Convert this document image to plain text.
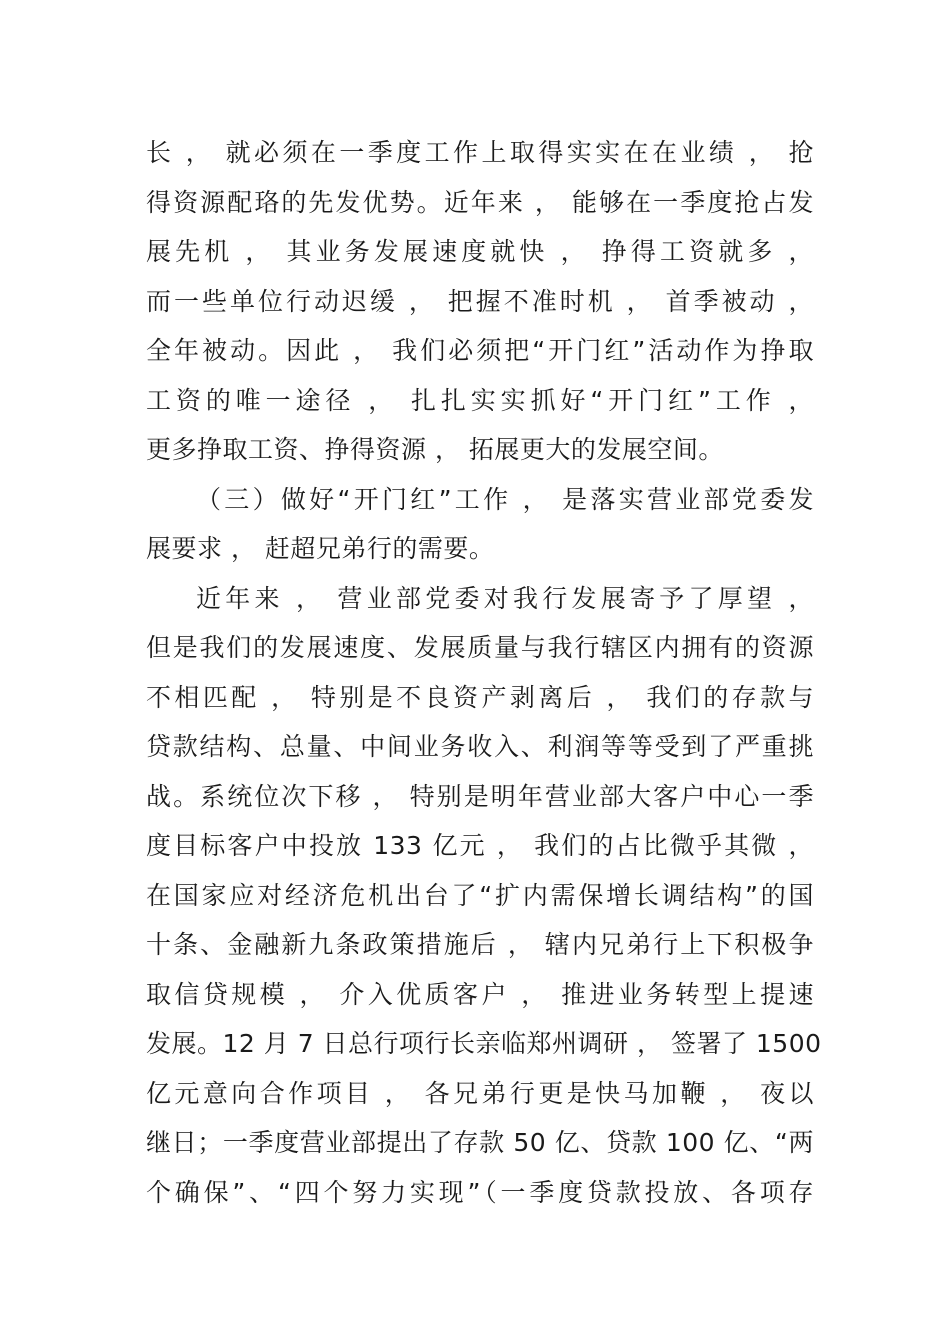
长 ， 就必须在一季度工作上取得实实在在业绩 ， 抢
得资源配珞的先发优势。近年来 ， 能够在一季度抢占发
展先机 ， 其业务发展速度就快 ， 挣得工资就多 ，
而一些单位行动迟缓 ， 把握不准时机 ， 首季被动 ，
全年被动。因此 ， 我们必须把“开门红”活动作为挣取
工资的唯一途径 ， 扎扎实实抓好“开门红”工作 ，
更多挣取工资、挣得资源 ， 拓展更大的发展空间。
（三）做好“开门红”工作 ， 是落实营业部党委发
展要求 ， 赶超兄弟行的需要。
近年来 ， 营业部党委对我行发展寄予了厚望 ，
但是我们的发展速度、发展质量与我行辖区内拥有的资源
不相匹配 ， 特别是不良资产剥离后 ， 我们的存款与
贷款结构、总量、中间业务收入、利润等等受到了严重挑
战。系统位次下移 ， 特别是明年营业部大客户中心一季
度目标客户中投放 133 亿元 ， 我们的占比微乎其微 ，
在国家应对经济危机出台了“扩内需保增长调结构”的国
十条、金融新九条政策措施后 ， 辖内兄弟行上下积极争
取信贷规模 ， 介入优质客户 ， 推进业务转型上提速
发展。12 月 7 日总行项行长亲临郑州调研 ， 签署了 1500
亿元意向合作项目 ， 各兄弟行更是快马加鞭 ， 夜以
继日；一季度营业部提出了存款 50 亿、贷款 100 亿、“两
个确保”、“四个努力实现”（一季度贷款投放、各项存
